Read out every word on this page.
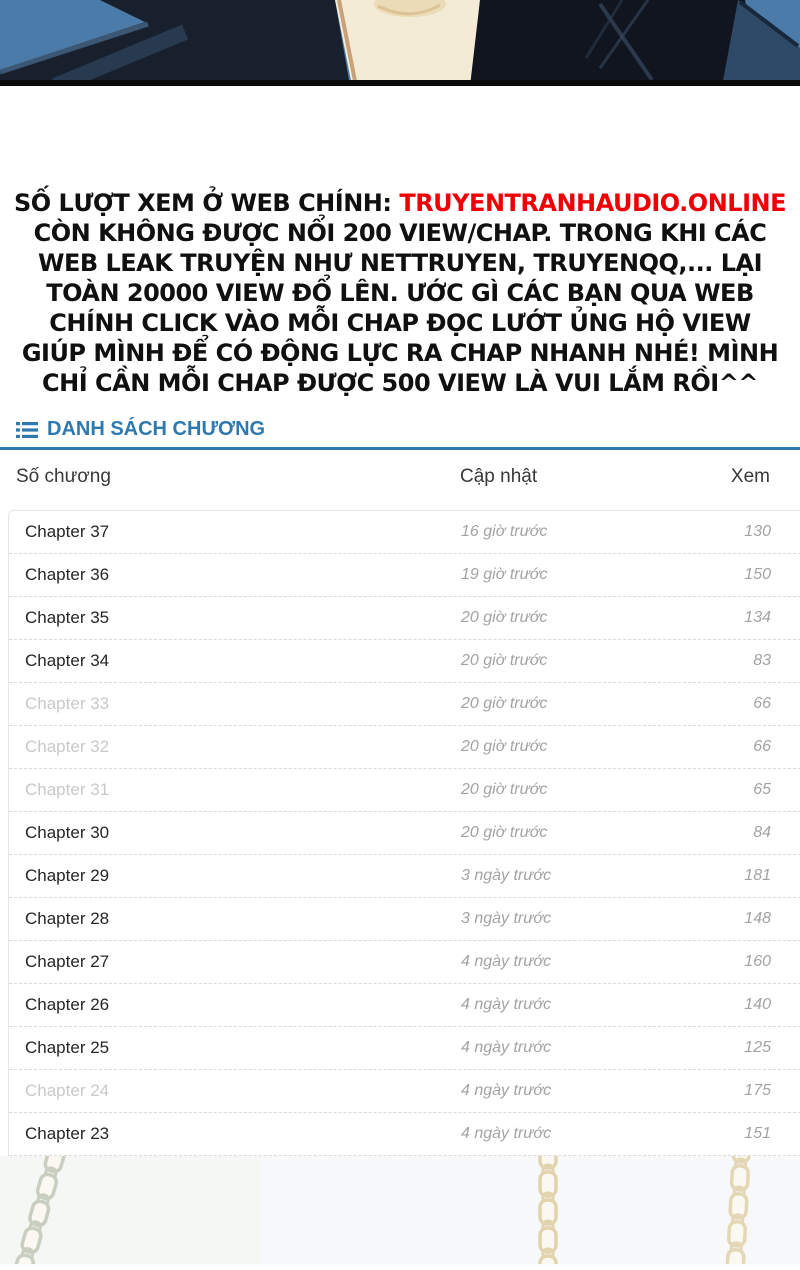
SỐ LƯỢT XEM Ở WEB CHÍNH: TRUYENTRANHAUDIO.ONLINE
CÒN KHÔNG ĐƯỢC NỔI 200 VIEW/CHAP. TRONG KHI CÁC
WEB LEAK TRUYỆN NHƯ NETTRUYEN, TRUYENQQ,... LẠI
TOÀN 20000 VIEW ĐỔ LÊN. ƯỚC GÌ CÁC BẠN QUA WEB
CHÍNH CLICK VÀO MỖI CHAP ĐỌC LƯỚT ỦNG HỘ VIEW
GIÚP MÌNH ĐỂ CÓ ĐỘNG LỰC RA CHAP NHANH NHÉ! MÌNH
CHỈ CẦN MỖI CHAP ĐƯỢC 500 VIEW LÀ VUI LẮM RỒI^^
DANH SÁCH CHƯƠNG
Số chương	Cập nhật	Xem
Chapter 37	16 giờ trước	130
Chapter 36	19 giờ trước	150
Chapter 35	20 giờ trước	134
Chapter 34	20 giờ trước	83
Chapter 33	20 giờ trước	66
Chapter 32	20 giờ trước	66
Chapter 31	20 giờ trước	65
Chapter 30	20 giờ trước	84
Chapter 29	3 ngày trước	181
Chapter 28	3 ngày trước	148
Chapter 27	4 ngày trước	160
Chapter 26	4 ngày trước	140
Chapter 25	4 ngày trước	125
Chapter 24	4 ngày trước	175
Chapter 23	4 ngày trước	151
